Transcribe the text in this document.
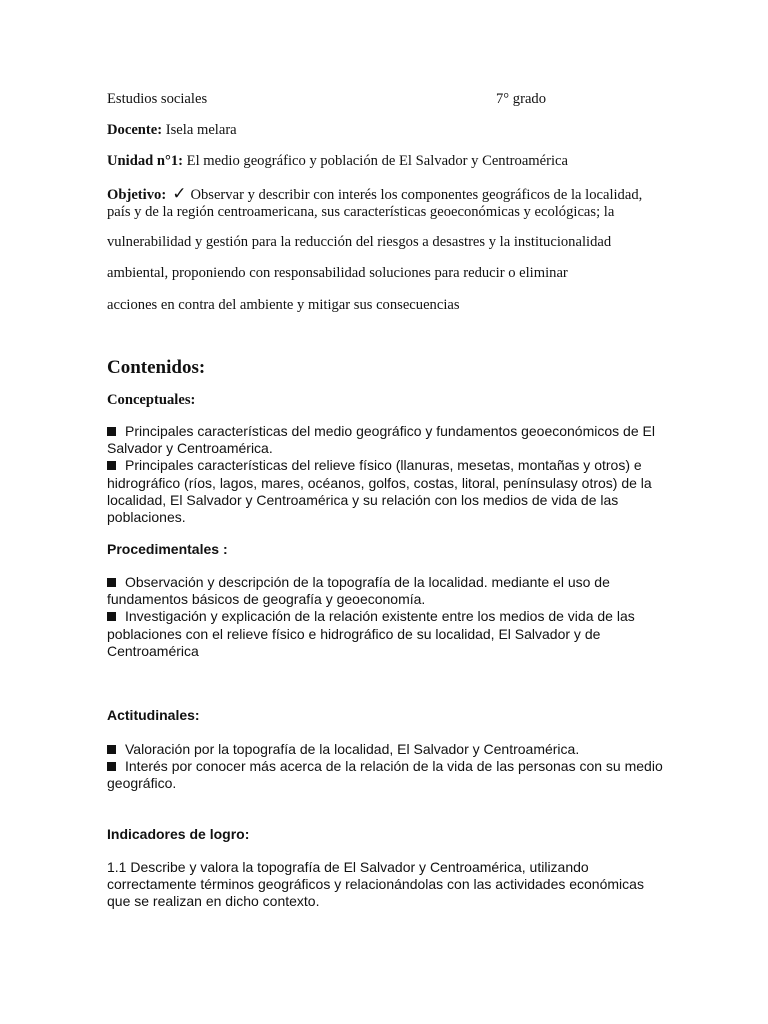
Estudios sociales	7° grado
Docente: Isela melara
Unidad n°1: El medio geográfico y población de El Salvador y Centroamérica
Objetivo: ✓ Observar y describir con interés los componentes geográficos de la localidad,
país y de la región centroamericana, sus características geoeconómicas y ecológicas; la
vulnerabilidad y gestión para la reducción del riesgos a desastres y la institucionalidad
ambiental, proponiendo con responsabilidad soluciones para reducir o eliminar
acciones en contra del ambiente y mitigar sus consecuencias
Contenidos:
Conceptuales:
Principales características del medio geográfico y fundamentos geoeconómicos de El
Salvador y Centroamérica.
Principales características del relieve físico (llanuras, mesetas, montañas y otros) e
hidrográfico (ríos, lagos, mares, océanos, golfos, costas, litoral, penínsulasy otros) de la
localidad, El Salvador y Centroamérica y su relación con los medios de vida de las
poblaciones.
Procedimentales :
Observación y descripción de la topografía de la localidad. mediante el uso de
fundamentos básicos de geografía y geoeconomía.
Investigación y explicación de la relación existente entre los medios de vida de las
poblaciones con el relieve físico e hidrográfico de su localidad, El Salvador y de
Centroamérica
Actitudinales:
Valoración por la topografía de la localidad, El Salvador y Centroamérica.
Interés por conocer más acerca de la relación de la vida de las personas con su medio
geográfico.
Indicadores de logro:
1.1 Describe y valora la topografía de El Salvador y Centroamérica, utilizando
correctamente términos geográficos y relacionándolas con las actividades económicas
que se realizan en dicho contexto.
